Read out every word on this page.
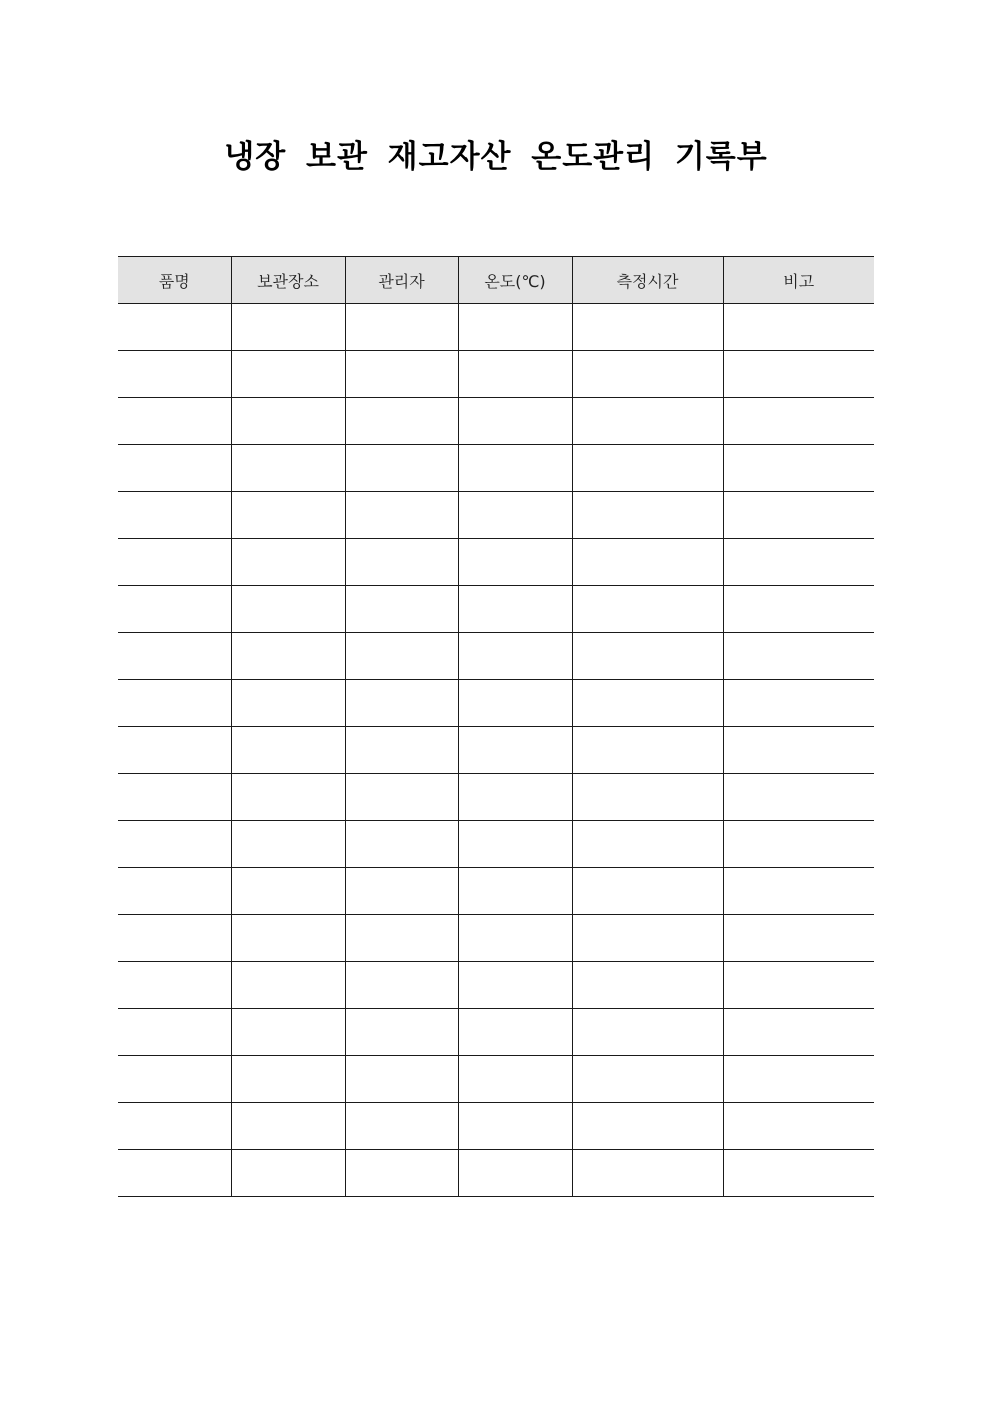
냉장 보관 재고자산 온도관리 기록부
품명	보관장소	관리자	온도(℃)	측정시간	비고
